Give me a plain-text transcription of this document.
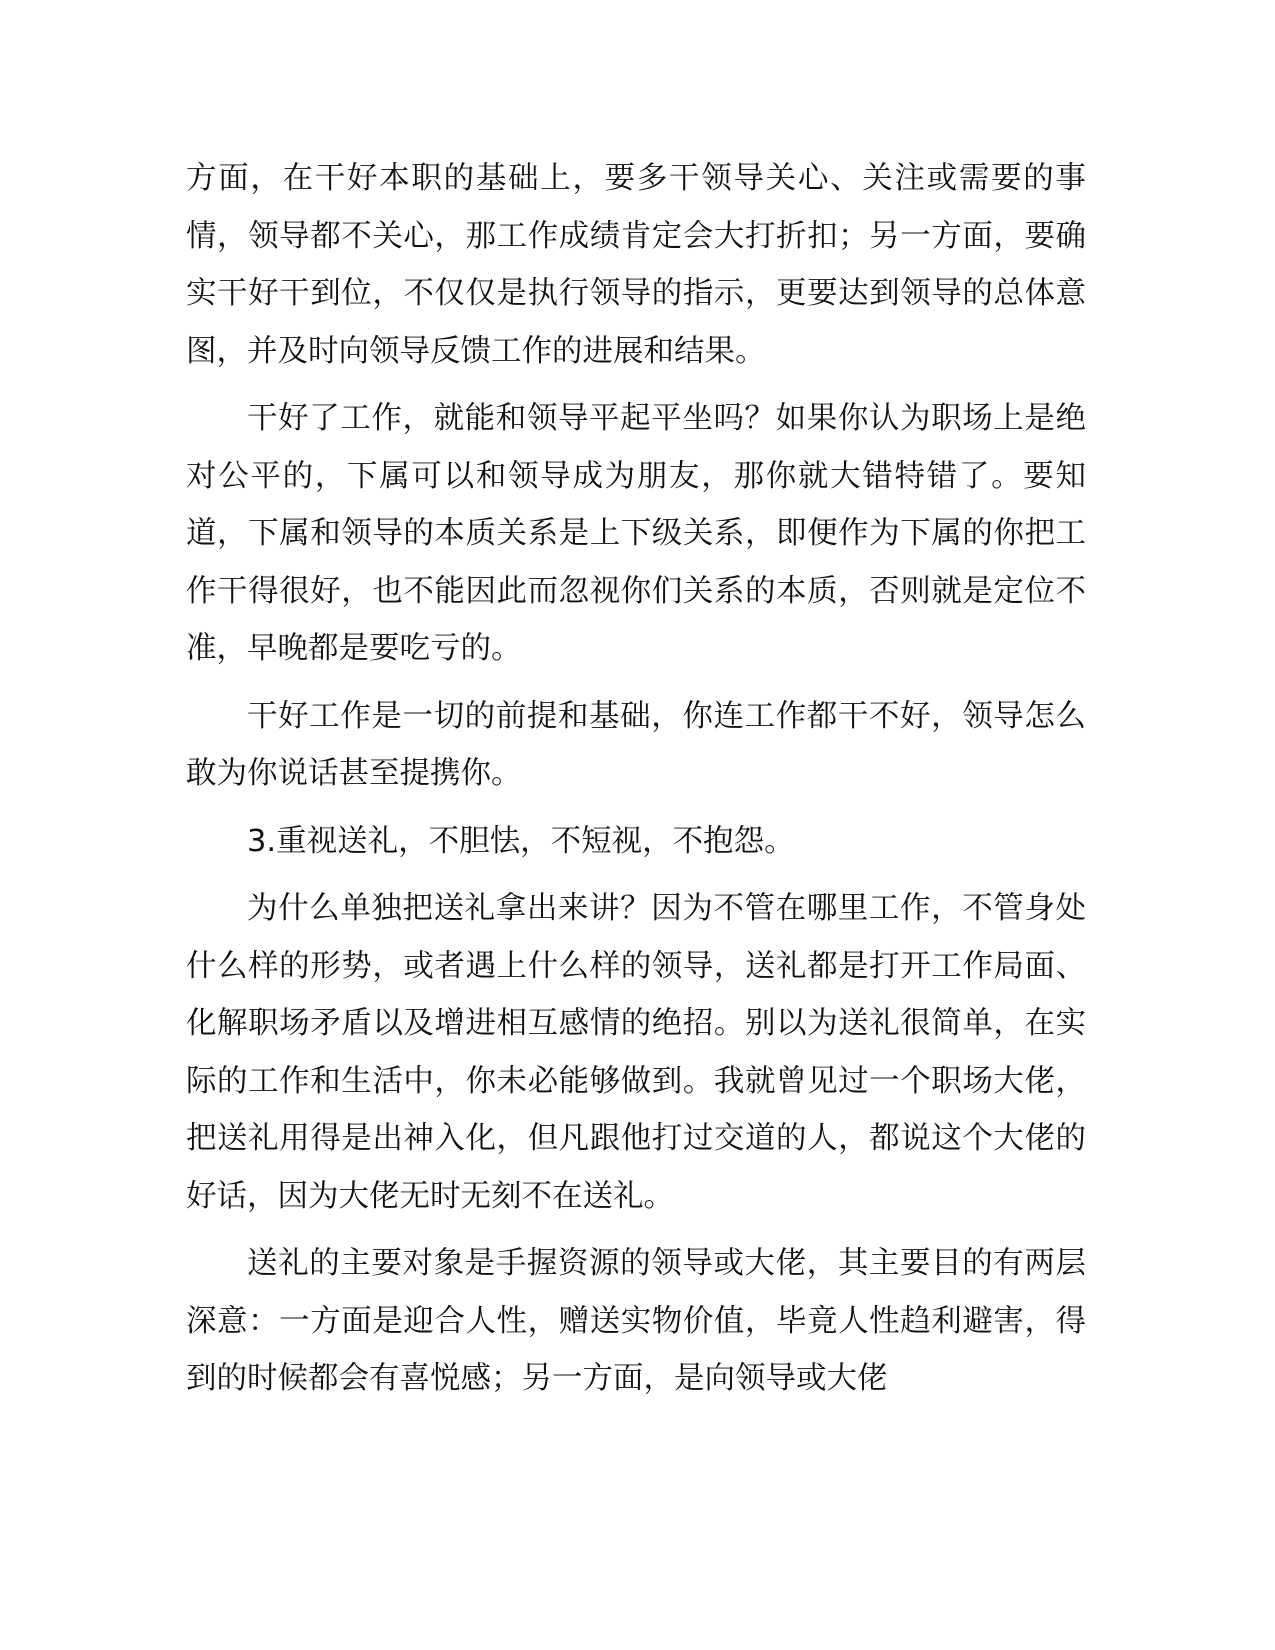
方面，在干好本职的基础上，要多干领导关心、关注或需要的事情，领导都不关心，那工作成绩肯定会大打折扣；另一方面，要确实干好干到位，不仅仅是执行领导的指示，更要达到领导的总体意图，并及时向领导反馈工作的进展和结果。

干好了工作，就能和领导平起平坐吗？如果你认为职场上是绝对公平的，下属可以和领导成为朋友，那你就大错特错了。要知道，下属和领导的本质关系是上下级关系，即便作为下属的你把工作干得很好，也不能因此而忽视你们关系的本质，否则就是定位不准，早晚都是要吃亏的。

干好工作是一切的前提和基础，你连工作都干不好，领导怎么敢为你说话甚至提携你。

3.重视送礼，不胆怯，不短视，不抱怨。

为什么单独把送礼拿出来讲？因为不管在哪里工作，不管身处什么样的形势，或者遇上什么样的领导，送礼都是打开工作局面、化解职场矛盾以及增进相互感情的绝招。别以为送礼很简单，在实际的工作和生活中，你未必能够做到。我就曾见过一个职场大佬，把送礼用得是出神入化，但凡跟他打过交道的人，都说这个大佬的好话，因为大佬无时无刻不在送礼。

送礼的主要对象是手握资源的领导或大佬，其主要目的有两层深意：一方面是迎合人性，赠送实物价值，毕竟人性趋利避害，得到的时候都会有喜悦感；另一方面，是向领导或大佬
